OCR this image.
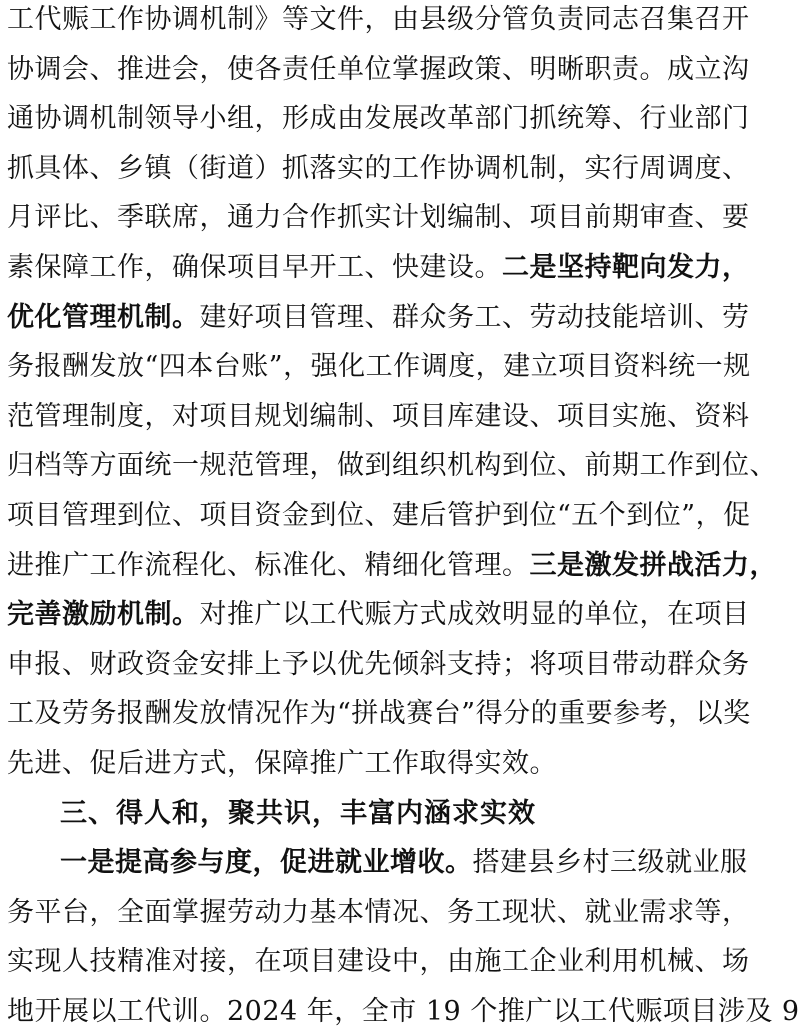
工代赈工作协调机制》等文件，由县级分管负责同志召集召开
协调会、推进会，使各责任单位掌握政策、明晰职责。成立沟
通协调机制领导小组，形成由发展改革部门抓统筹、行业部门
抓具体、乡镇（街道）抓落实的工作协调机制，实行周调度、
月评比、季联席，通力合作抓实计划编制、项目前期审查、要
素保障工作，确保项目早开工、快建设。二是坚持靶向发力，
优化管理机制。建好项目管理、群众务工、劳动技能培训、劳
务报酬发放“四本台账”，强化工作调度，建立项目资料统一规
范管理制度，对项目规划编制、项目库建设、项目实施、资料
归档等方面统一规范管理，做到组织机构到位、前期工作到位、
项目管理到位、项目资金到位、建后管护到位“五个到位”，促
进推广工作流程化、标准化、精细化管理。三是激发拼战活力，
完善激励机制。对推广以工代赈方式成效明显的单位，在项目
申报、财政资金安排上予以优先倾斜支持；将项目带动群众务
工及劳务报酬发放情况作为“拼战赛台”得分的重要参考，以奖
先进、促后进方式，保障推广工作取得实效。
三、得人和，聚共识，丰富内涵求实效
一是提高参与度，促进就业增收。搭建县乡村三级就业服
务平台，全面掌握劳动力基本情况、务工现状、就业需求等，
实现人技精准对接，在项目建设中，由施工企业利用机械、场
地开展以工代训。2024 年，全市 19 个推广以工代赈项目涉及 9
